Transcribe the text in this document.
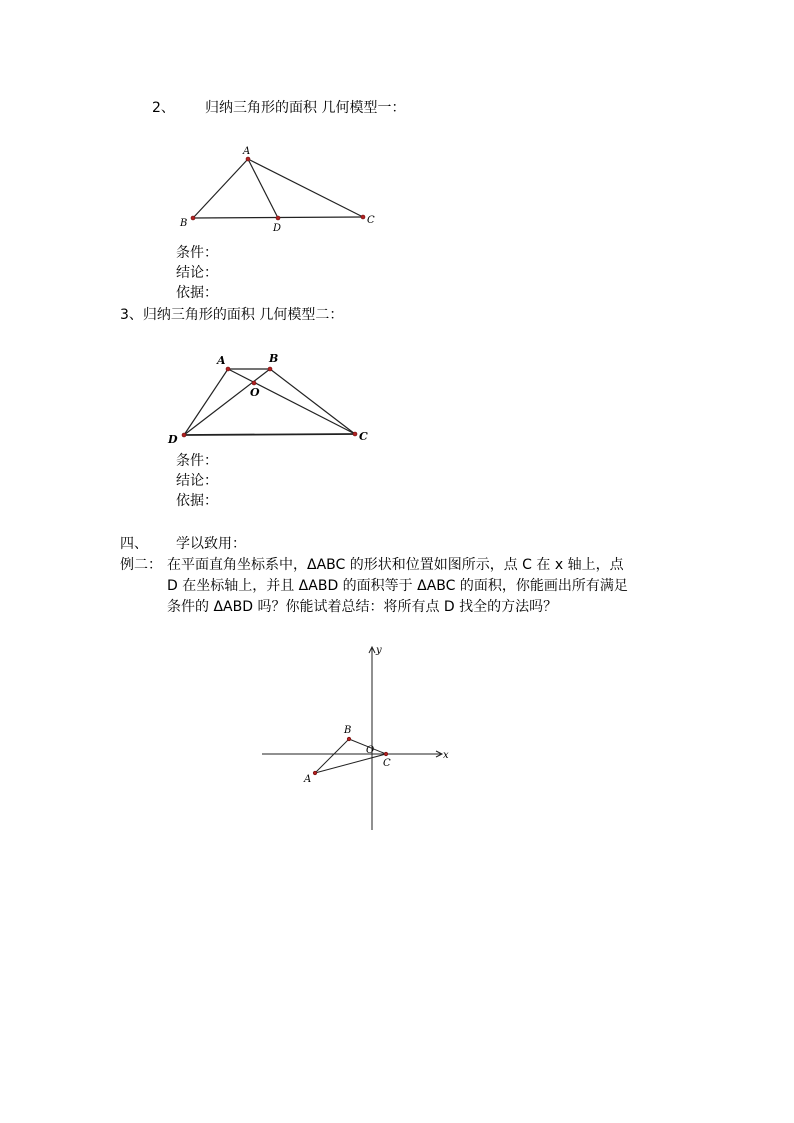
2、 归纳三角形的面积 几何模型一：
A
B	D
C
条件：
结论：
依据：
3、归纳三角形的面积 几何模型二：
A	B
O
D	C
条件：
结论：
依据：
四、 学以致用：
例二： 在平面直角坐标系中，ΔABC 的形状和位置如图所示，点 C 在 x 轴上，点
D 在坐标轴上，并且 ΔABD 的面积等于 ΔABC 的面积，你能画出所有满足
条件的 ΔABD 吗？你能试着总结：将所有点 D 找全的方法吗？
y
x
O
B
A
C
